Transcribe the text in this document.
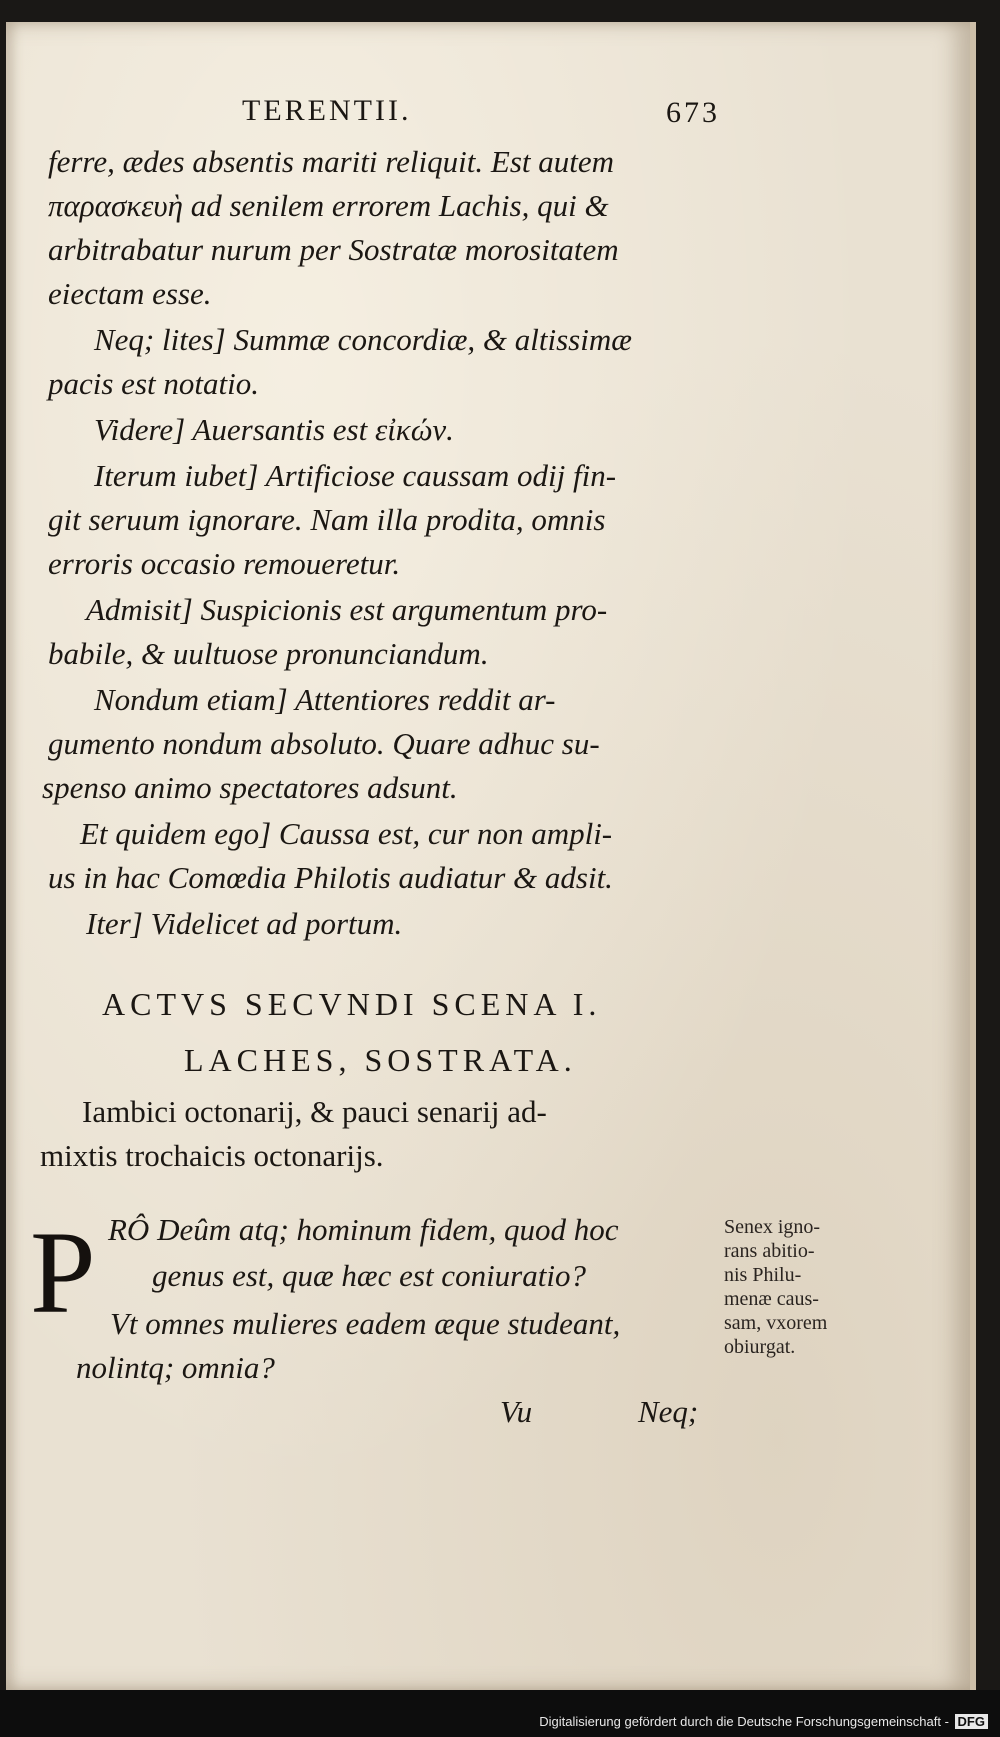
TERENTII.	673
ferre, ædes absentis mariti reliquit. Est autem
παρασκευὴ ad senilem errorem Lachis, qui &
arbitrabatur nurum per Sostratæ morositatem
eiectam esse.
Neq; lites] Summæ concordiæ, & altissimæ
pacis est notatio.
Videre] Auersantis est εἰκών.
Iterum iubet] Artificiose caussam odij fin-
git seruum ignorare. Nam illa prodita, omnis
erroris occasio remoueretur.
Admisit] Suspicionis est argumentum pro-
babile, & uultuose pronunciandum.
Nondum etiam] Attentiores reddit ar-
gumento nondum absoluto. Quare adhuc su-
spenso animo spectatores adsunt.
Et quidem ego] Caussa est, cur non ampli-
us in hac Comœdia Philotis audiatur & adsit.
Iter] Videlicet ad portum.
ACTVS SECVNDI SCENA I.
LACHES, SOSTRATA.
Iambici octonarij, & pauci senarij ad-
mixtis trochaicis octonarijs.
P RÔ Deûm atq; hominum fidem, quod hoc
genus est, quæ hæc est coniuratio?
Vt omnes mulieres eadem æque studeant,
nolintq; omnia?
Senex igno-
rans abitio-
nis Philu-
menæ caus-
sam, vxorem
obiurgat.
Vu	Neq;
Digitalisierung gefördert durch die Deutsche Forschungsgemeinschaft - DFG
